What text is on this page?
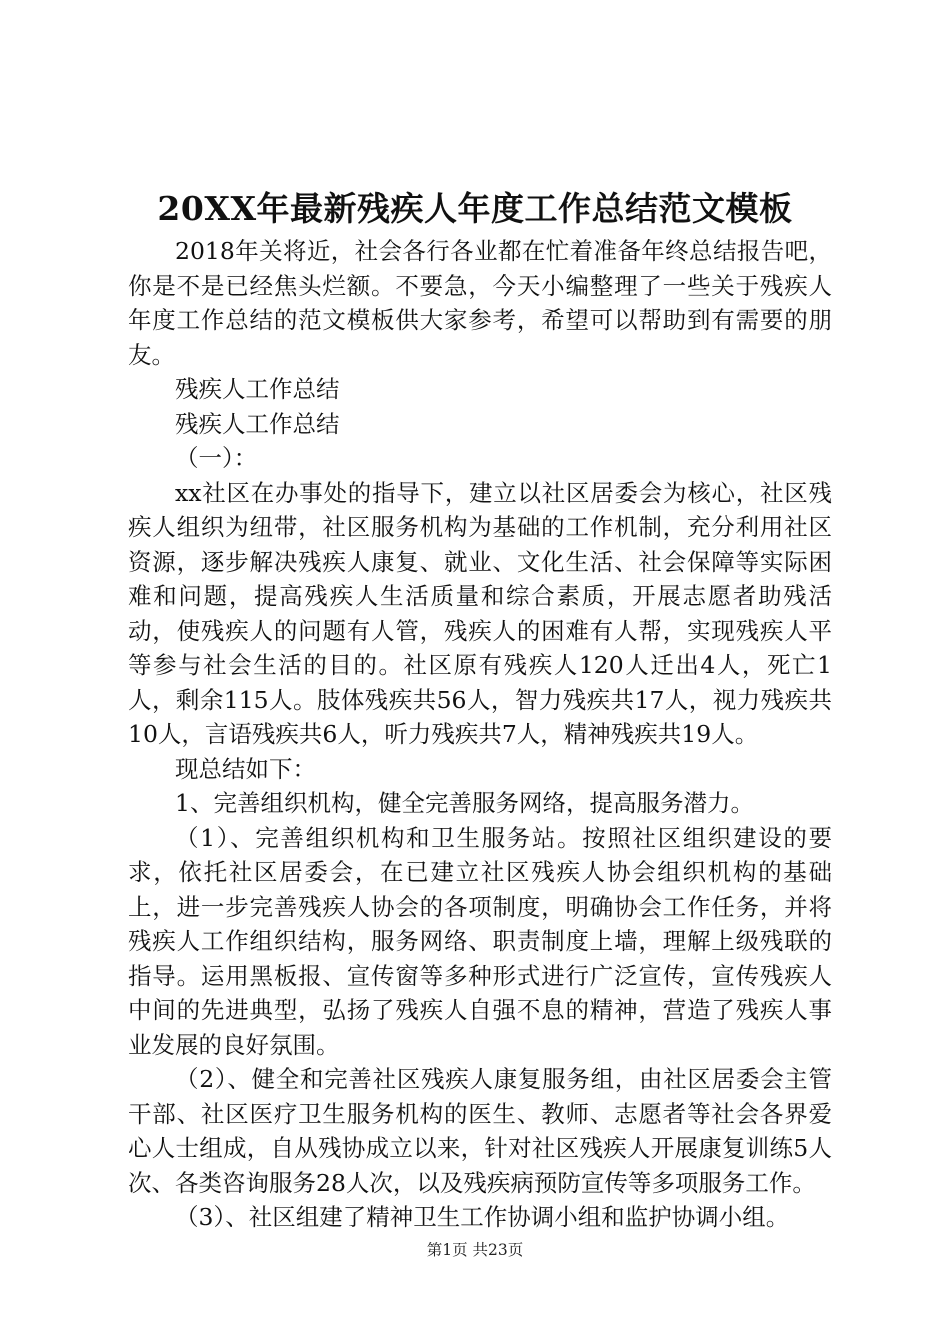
20XX年最新残疾人年度工作总结范文模板

2018年关将近，社会各行各业都在忙着准备年终总结报告吧，你是不是已经焦头烂额。不要急，今天小编整理了一些关于残疾人年度工作总结的范文模板供大家参考，希望可以帮助到有需要的朋友。

残疾人工作总结

残疾人工作总结

（一）：

xx社区在办事处的指导下，建立以社区居委会为核心，社区残疾人组织为纽带，社区服务机构为基础的工作机制，充分利用社区资源，逐步解决残疾人康复、就业、文化生活、社会保障等实际困难和问题，提高残疾人生活质量和综合素质，开展志愿者助残活动，使残疾人的问题有人管，残疾人的困难有人帮，实现残疾人平等参与社会生活的目的。社区原有残疾人120人迁出4人，死亡1人，剩余115人。肢体残疾共56人，智力残疾共17人，视力残疾共10人，言语残疾共6人，听力残疾共7人，精神残疾共19人。

现总结如下：

1、完善组织机构，健全完善服务网络，提高服务潜力。

（1）、完善组织机构和卫生服务站。按照社区组织建设的要求，依托社区居委会，在已建立社区残疾人协会组织机构的基础上，进一步完善残疾人协会的各项制度，明确协会工作任务，并将残疾人工作组织结构，服务网络、职责制度上墙，理解上级残联的指导。运用黑板报、宣传窗等多种形式进行广泛宣传，宣传残疾人中间的先进典型，弘扬了残疾人自强不息的精神，营造了残疾人事业发展的良好氛围。

（2）、健全和完善社区残疾人康复服务组，由社区居委会主管干部、社区医疗卫生服务机构的医生、教师、志愿者等社会各界爱心人士组成，自从残协成立以来，针对社区残疾人开展康复训练5人次、各类咨询服务28人次，以及残疾病预防宣传等多项服务工作。

（3）、社区组建了精神卫生工作协调小组和监护协调小组。

第1页 共23页
